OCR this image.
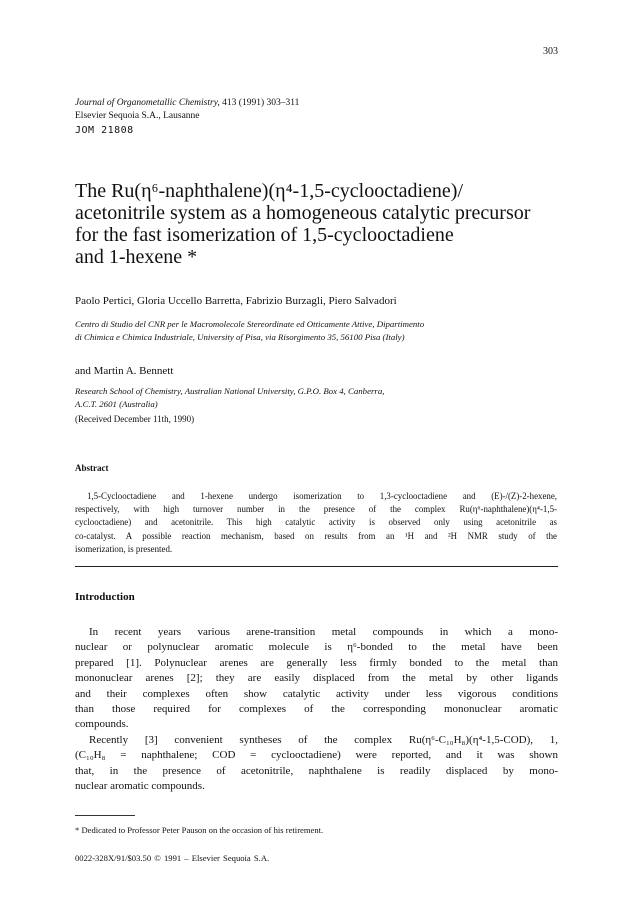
303
Journal of Organometallic Chemistry, 413 (1991) 303–311
Elsevier Sequoia S.A., Lausanne
JOM 21808
The Ru(η⁶-naphthalene)(η⁴-1,5-cyclooctadiene)/
acetonitrile system as a homogeneous catalytic precursor
for the fast isomerization of 1,5-cyclooctadiene
and 1-hexene *
Paolo Pertici, Gloria Uccello Barretta, Fabrizio Burzagli, Piero Salvadori
Centro di Studio del CNR per le Macromolecole Stereordinate ed Otticamente Attive, Dipartimento
di Chimica e Chimica Industriale, University of Pisa, via Risorgimento 35, 56100 Pisa (Italy)
and Martin A. Bennett
Research School of Chemistry, Australian National University, G.P.O. Box 4, Canberra,
A.C.T. 2601 (Australia)
(Received December 11th, 1990)
Abstract
1,5-Cyclooctadiene and 1-hexene undergo isomerization to 1,3-cyclooctadiene and (E)-/(Z)-2-hexene,
respectively, with high turnover number in the presence of the complex Ru(η⁶-naphthalene)(η⁴-1,5-
cyclooctadiene) and acetonitrile. This high catalytic activity is observed only using acetonitrile as
co-catalyst. A possible reaction mechanism, based on results from an ¹H and ²H NMR study of the
isomerization, is presented.
Introduction
In recent years various arene-transition metal compounds in which a mono-
nuclear or polynuclear aromatic molecule is η⁶-bonded to the metal have been
prepared [1]. Polynuclear arenes are generally less firmly bonded to the metal than
mononuclear arenes [2]; they are easily displaced from the metal by other ligands
and their complexes often show catalytic activity under less vigorous conditions
than those required for complexes of the corresponding mononuclear aromatic
compounds.
Recently [3] convenient syntheses of the complex Ru(η⁶-C₁₀H₈)(η⁴-1,5-COD), 1,
(C₁₀H₈ = naphthalene; COD = cyclooctadiene) were reported, and it was shown
that, in the presence of acetonitrile, naphthalene is readily displaced by mono-
nuclear aromatic compounds.
* Dedicated to Professor Peter Pauson on the occasion of his retirement.
0022-328X/91/$03.50 © 1991 – Elsevier Sequoia S.A.
